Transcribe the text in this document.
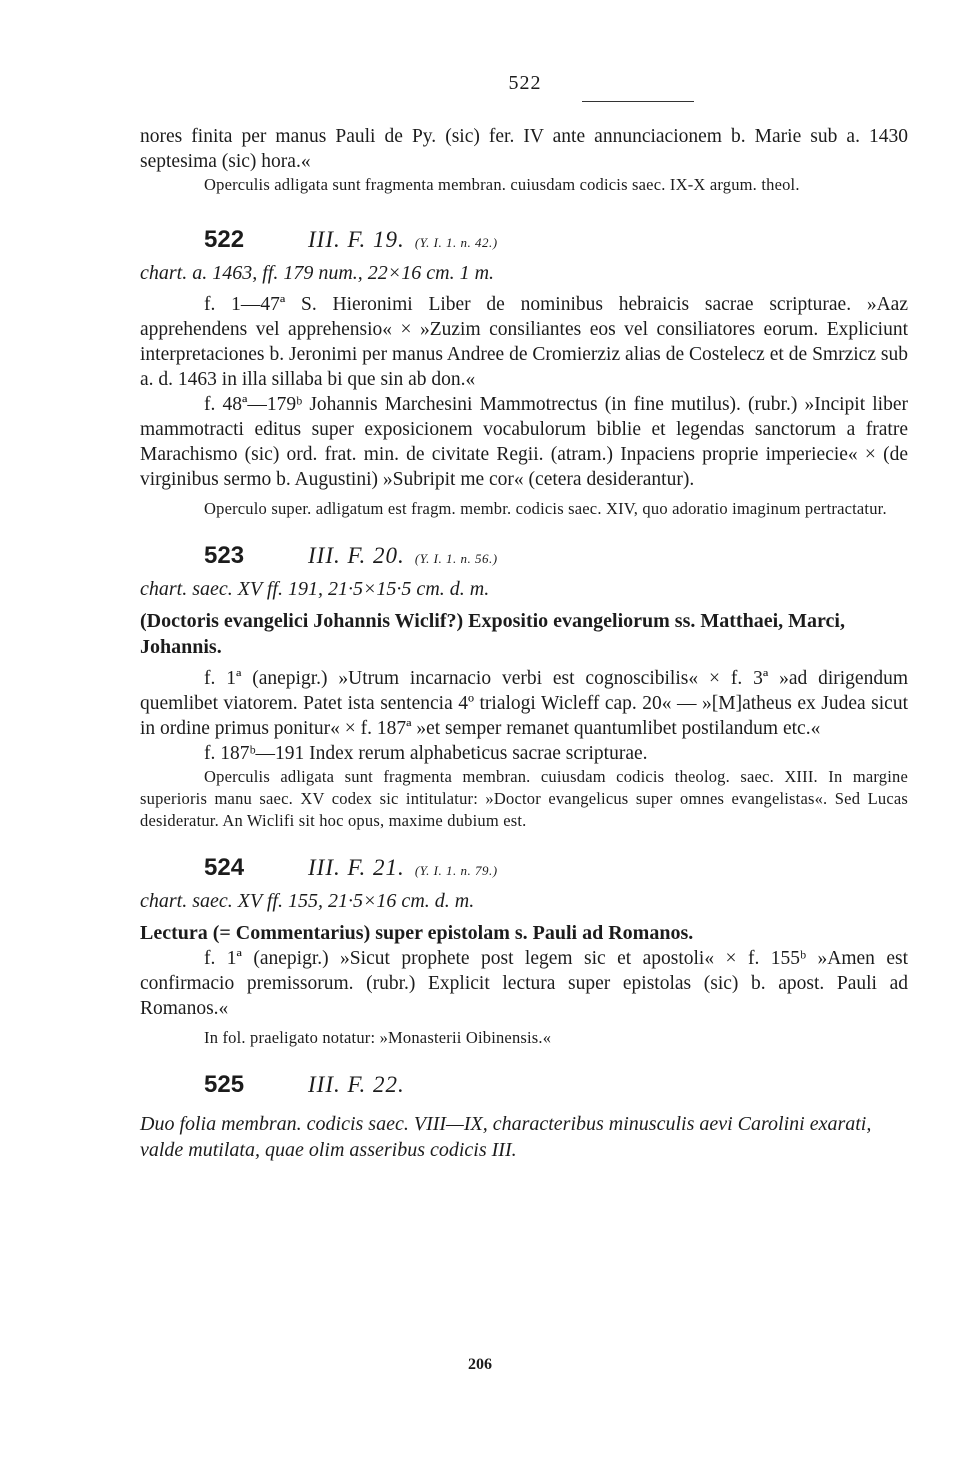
522

nores finita per manus Pauli de Py. (sic) fer. IV ante annunciacionem b. Marie sub a. 1430 septesima (sic) hora.«

Operculis adligata sunt fragmenta membran. cuiusdam codicis saec. IX-X argum. theol.

522	III. F. 19. (Y. I. 1. n. 42.)

chart. a. 1463, ff. 179 num., 22×16 cm. 1 m.

f. 1—47ª S. Hieronimi Liber de nominibus hebraicis sacrae scripturae. »Aaz apprehendens vel apprehensio« × »Zuzim consiliantes eos vel consiliatores eorum. Expliciunt interpretaciones b. Jeronimi per manus Andree de Cromierziz alias de Costelecz et de Smrzicz sub a. d. 1463 in illa sillaba bi que sin ab don.«

f. 48ª—179ᵇ Johannis Marchesini Mammotrectus (in fine mutilus). (rubr.) »Incipit liber mammotracti editus super exposicionem vocabulorum biblie et legendas sanctorum a fratre Marachismo (sic) ord. frat. min. de civitate Regii. (atram.) Inpaciens proprie imperiecie« × (de virginibus sermo b. Augustini) »Subripit me cor« (cetera desiderantur).

Operculo super. adligatum est fragm. membr. codicis saec. XIV, quo adoratio imaginum pertractatur.

523	III. F. 20. (Y. I. 1. n. 56.)

chart. saec. XV ff. 191, 21·5×15·5 cm. d. m.

(Doctoris evangelici Johannis Wiclif?) Expositio evangeliorum ss. Matthaei, Marci, Johannis.

f. 1ª (anepigr.) »Utrum incarnacio verbi est cognoscibilis« × f. 3ª »ad dirigendum quemlibet viatorem. Patet ista sentencia 4º trialogi Wicleff cap. 20« — »[M]atheus ex Judea sicut in ordine primus ponitur« × f. 187ª »et semper remanet quantumlibet postilandum etc.«

f. 187ᵇ—191 Index rerum alphabeticus sacrae scripturae.

Operculis adligata sunt fragmenta membran. cuiusdam codicis theolog. saec. XIII. In margine superioris manu saec. XV codex sic intitulatur: »Doctor evangelicus super omnes evangelistas«. Sed Lucas desideratur. An Wiclifi sit hoc opus, maxime dubium est.

524	III. F. 21. (Y. I. 1. n. 79.)

chart. saec. XV ff. 155, 21·5×16 cm. d. m.

Lectura (= Commentarius) super epistolam s. Pauli ad Romanos.

f. 1ª (anepigr.) »Sicut prophete post legem sic et apostoli« × f. 155ᵇ »Amen est confirmacio premissorum. (rubr.) Explicit lectura super epistolas (sic) b. apost. Pauli ad Romanos.«

In fol. praeligato notatur: »Monasterii Oibinensis.«

525	III. F. 22.

Duo folia membran. codicis saec. VIII—IX, characteribus minusculis aevi Carolini exarati, valde mutilata, quae olim asseribus codicis III.

206
